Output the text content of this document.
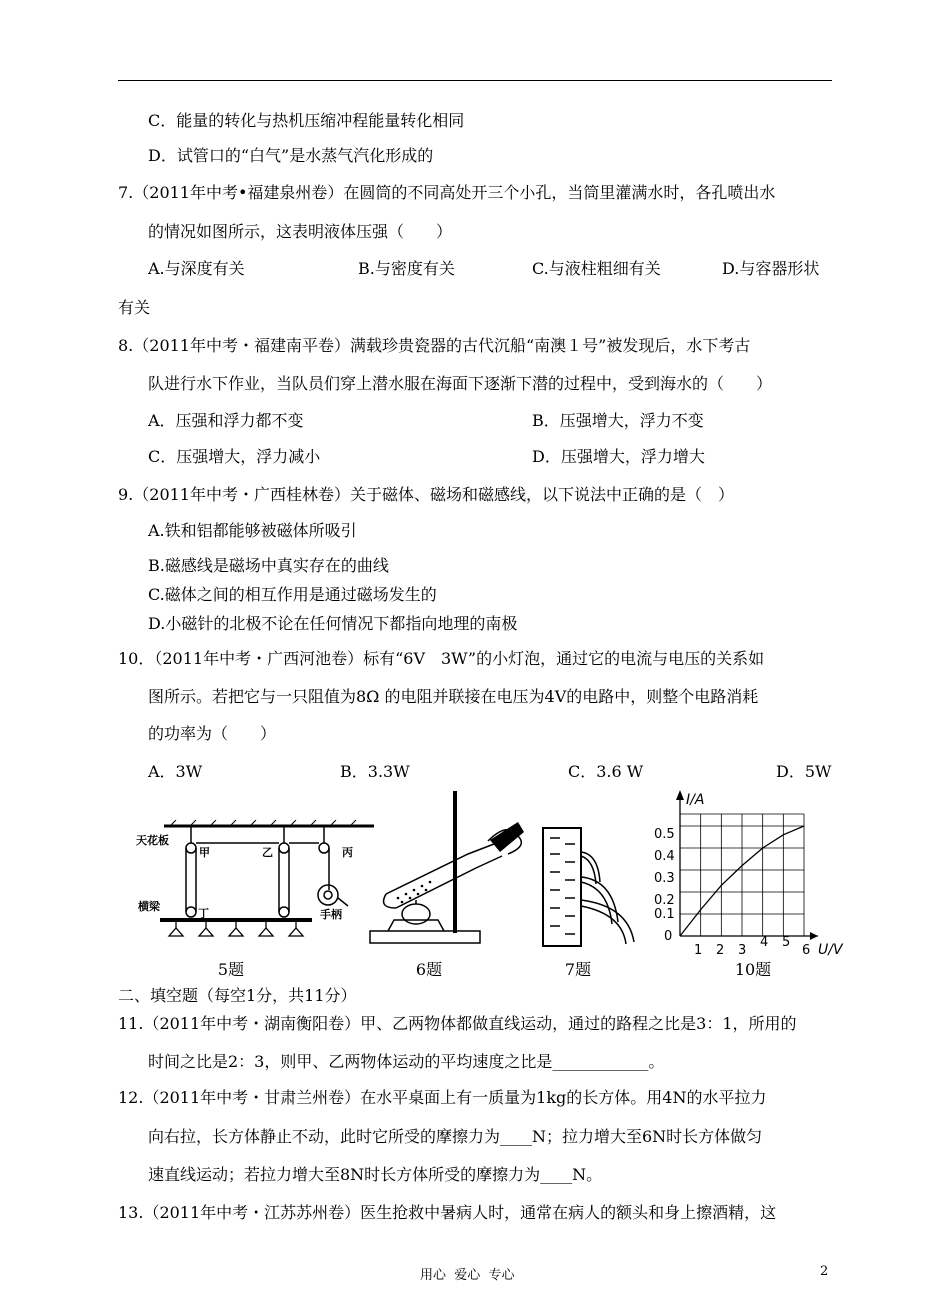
C．能量的转化与热机压缩冲程能量转化相同
D．试管口的“白气”是水蒸气汽化形成的
7.（2011年中考•福建泉州卷）在圆筒的不同高处开三个小孔，当筒里灌满水时，各孔喷出水
的情况如图所示，这表明液体压强（　　）
A.与深度有关	B.与密度有关	C.与液柱粗细有关	D.与容器形状
有关
8.（2011年中考・福建南平卷）满载珍贵瓷器的古代沉船“南澳１号”被发现后，水下考古
队进行水下作业，当队员们穿上潜水服在海面下逐渐下潜的过程中，受到海水的（　　）
A．压强和浮力都不变	B．压强增大，浮力不变
C．压强增大，浮力减小	D．压强增大，浮力增大
9.（2011年中考・广西桂林卷）关于磁体、磁场和磁感线，以下说法中正确的是（　）
A.铁和铝都能够被磁体所吸引
B.磁感线是磁场中真实存在的曲线
C.磁体之间的相互作用是通过磁场发生的
D.小磁针的北极不论在任何情况下都指向地理的南极
10．（2011年中考・广西河池卷）标有“6V　3W”的小灯泡，通过它的电流与电压的关系如
图所示。若把它与一只阻值为8Ω 的电阻并联接在电压为4V的电路中，则整个电路消耗
的功率为（　　）
A．3W	B．3.3W	C．3.6 W	D．5W
天花板
甲	乙	丙
横梁
丁	手柄
5题	6题	7题
I/A
U/V
0.5
0.4
0.3
0.2
0.1
0
1 2 3
4 5
6
10题
二、填空题（每空1分，共11分）
11.（2011年中考・湖南衡阳卷）甲、乙两物体都做直线运动，通过的路程之比是3：1，所用的
时间之比是2：3，则甲、乙两物体运动的平均速度之比是____________。
12.（2011年中考・甘肃兰州卷）在水平桌面上有一质量为1kg的长方体。用4N的水平拉力
向右拉，长方体静止不动，此时它所受的摩擦力为____N；拉力增大至6N时长方体做匀
速直线运动；若拉力增大至8N时长方体所受的摩擦力为____N。
13.（2011年中考・江苏苏州卷）医生抢救中暑病人时，通常在病人的额头和身上擦酒精，这
用心  爱心  专心	2
